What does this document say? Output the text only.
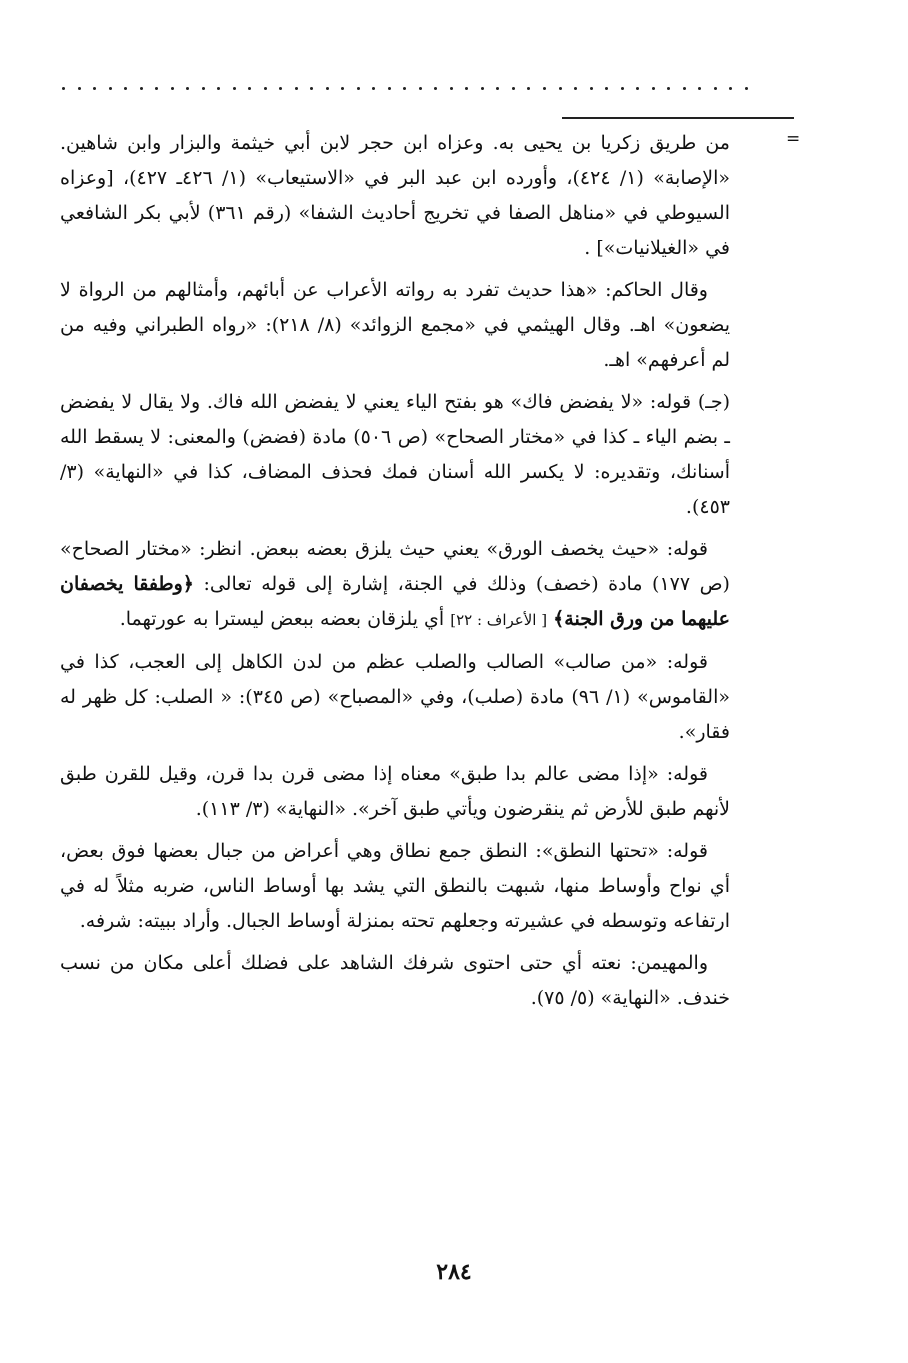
=

من طريق زكريا بن يحيى به. وعزاه ابن حجر لابن أبي خيثمة والبزار وابن شاهين. «الإصابة» (١/ ٤٢٤)، وأورده ابن عبد البر في «الاستيعاب» (١/ ٤٢٦ـ ٤٢٧)، [وعزاه السيوطي في «مناهل الصفا في تخريج أحاديث الشفا» (رقم ٣٦١) لأبي بكر الشافعي في «الغيلانيات»] .

وقال الحاكم: «هذا حديث تفرد به رواته الأعراب عن أبائهم، وأمثالهم من الرواة لا يضعون» اهـ. وقال الهيثمي في «مجمع الزوائد» (٨/ ٢١٨): «رواه الطبراني وفيه من لم أعرفهم» اهـ.

(جـ) قوله: «لا يفضض فاك» هو بفتح الياء يعني لا يفضض الله فاك. ولا يقال لا يفضض ـ بضم الياء ـ كذا في «مختار الصحاح» (ص ٥٠٦) مادة (فضض) والمعنى: لا يسقط الله أسنانك، وتقديره: لا يكسر الله أسنان فمك فحذف المضاف، كذا في «النهاية» (٣/ ٤٥٣).

قوله: «حيث يخصف الورق» يعني حيث يلزق بعضه ببعض. انظر: «مختار الصحاح» (ص ١٧٧) مادة (خصف) وذلك في الجنة، إشارة إلى قوله تعالى: ﴿وطفقا يخصفان عليهما من ورق الجنة﴾ [ الأعراف : ٢٢] أي يلزقان بعضه ببعض ليسترا به عورتهما.

قوله: «من صالب» الصالب والصلب عظم من لدن الكاهل إلى العجب، كذا في «القاموس» (١/ ٩٦) مادة (صلب)، وفي «المصباح» (ص ٣٤٥): « الصلب: كل ظهر له فقار».

قوله: «إذا مضى عالم بدا طبق» معناه إذا مضى قرن بدا قرن، وقيل للقرن طبق لأنهم طبق للأرض ثم ينقرضون ويأتي طبق آخر». «النهاية» (٣/ ١١٣).

قوله: «تحتها النطق»: النطق جمع نطاق وهي أعراض من جبال بعضها فوق بعض، أي نواح وأوساط منها، شبهت بالنطق التي يشد بها أوساط الناس، ضربه مثلاً له في ارتفاعه وتوسطه في عشيرته وجعلهم تحته بمنزلة أوساط الجبال. وأراد ببيته: شرفه.

والمهيمن: نعته أي حتى احتوى شرفك الشاهد على فضلك أعلى مكان من نسب خندف. «النهاية» (٥/ ٧٥).

٢٨٤
